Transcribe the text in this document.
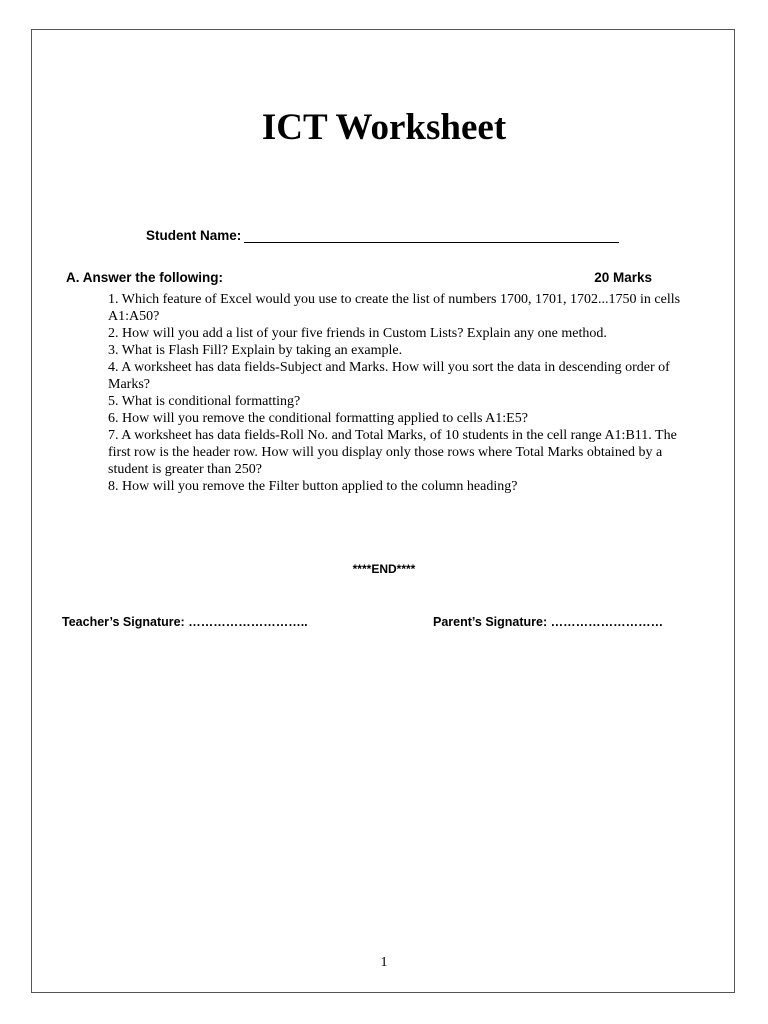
ICT Worksheet
Student Name:
A. Answer the following:	20 Marks
1. Which feature of Excel would you use to create the list of numbers 1700, 1701, 1702...1750 in cells A1:A50?
2. How will you add a list of your five friends in Custom Lists? Explain any one method.
3. What is Flash Fill? Explain by taking an example.
4. A worksheet has data fields-Subject and Marks. How will you sort the data in descending order of Marks?
5. What is conditional formatting?
6. How will you remove the conditional formatting applied to cells A1:E5?
7. A worksheet has data fields-Roll No. and Total Marks, of 10 students in the cell range A1:B11. The first row is the header row. How will you display only those rows where Total Marks obtained by a student is greater than 250?
8. How will you remove the Filter button applied to the column heading?
****END****
Teacher’s Signature: ………………………..	Parent’s Signature: ………………………
1
